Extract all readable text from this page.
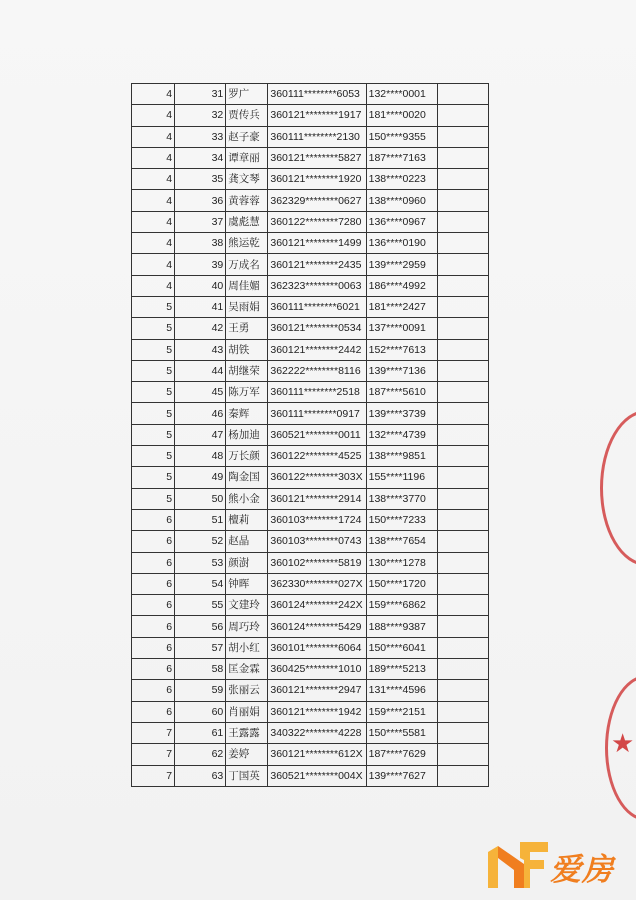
4	31	罗广	360111********6053	132****0001	
4	32	贾传兵	360121********1917	181****0020	
4	33	赵子豪	360111********2130	150****9355	
4	34	谭章丽	360121********5827	187****7163	
4	35	龚文琴	360121********1920	138****0223	
4	36	黄蓉蓉	362329********0627	138****0960	
4	37	虞彪慧	360122********7280	136****0967	
4	38	熊运乾	360121********1499	136****0190	
4	39	万成名	360121********2435	139****2959	
4	40	周佳媚	362323********0063	186****4992	
5	41	吴雨娟	360111********6021	181****2427	
5	42	王勇	360121********0534	137****0091	
5	43	胡铁	360121********2442	152****7613	
5	44	胡继荣	362222********8116	139****7136	
5	45	陈万军	360111********2518	187****5610	
5	46	秦辉	360111********0917	139****3739	
5	47	杨加迪	360521********0011	132****4739	
5	48	万长颜	360122********4525	138****9851	
5	49	陶金国	360122********303X	155****1196	
5	50	熊小金	360121********2914	138****3770	
6	51	檀莉	360103********1724	150****7233	
6	52	赵晶	360103********0743	138****7654	
6	53	颜澍	360102********5819	130****1278	
6	54	钟晖	362330********027X	150****1720	
6	55	文建玲	360124********242X	159****6862	
6	56	周巧玲	360124********5429	188****9387	
6	57	胡小红	360101********6064	150****6041	
6	58	匡金霖	360425********1010	189****5213	
6	59	张丽云	360121********2947	131****4596	
6	60	肖丽娟	360121********1942	159****2151	
7	61	王露露	340322********4228	150****5581	
7	62	姜婷	360121********612X	187****7629	
7	63	丁国英	360521********004X	139****7627	
★
爱房
